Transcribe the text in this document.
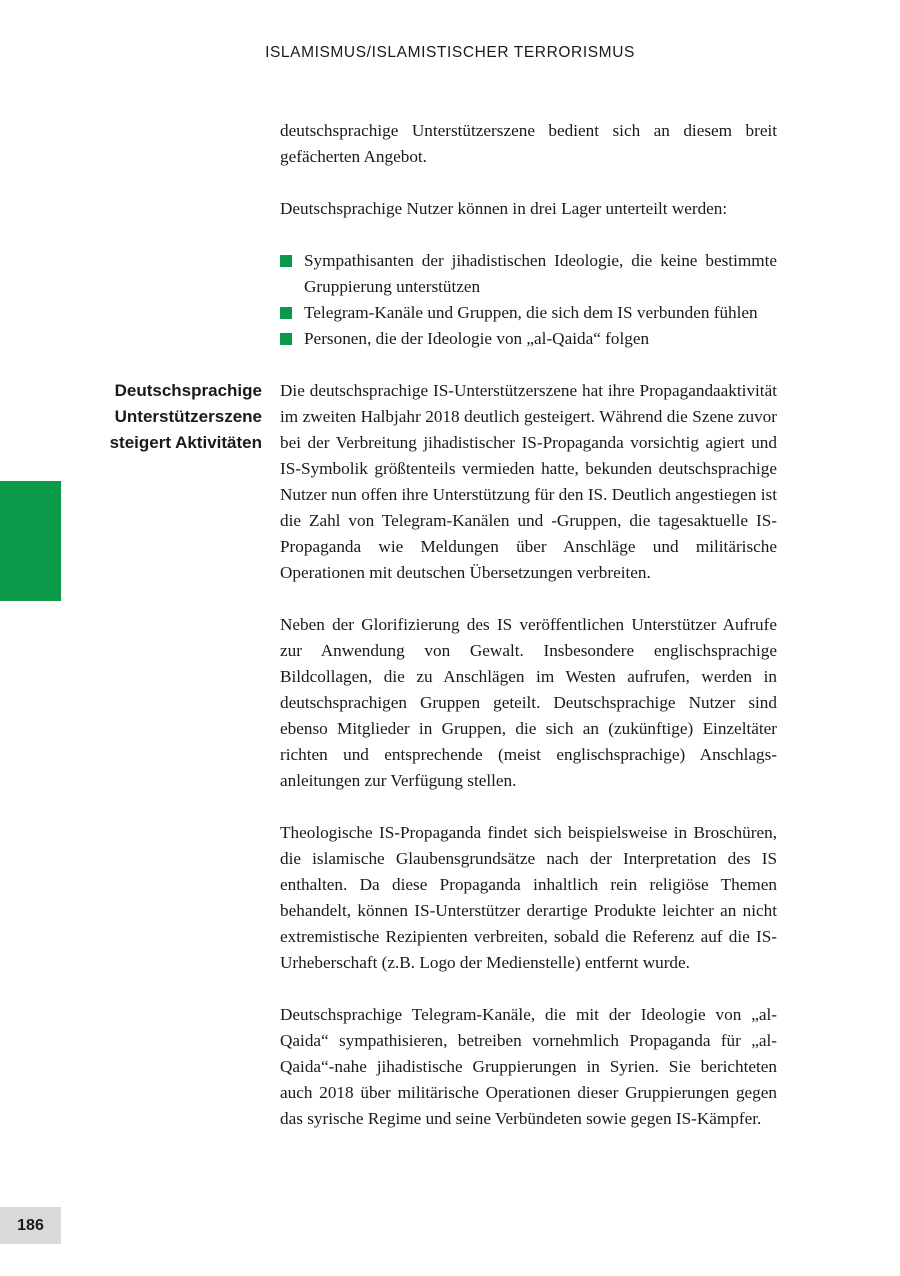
ISLAMISMUS/ISLAMISTISCHER TERRORISMUS
Deutschsprachige
Unterstützerszene
steigert Aktivitäten

deutschsprachige Unterstützerszene bedient sich an diesem breit gefächerten Angebot.

Deutschsprachige Nutzer können in drei Lager unterteilt werden:

Sympathisanten der jihadistischen Ideologie, die keine bestimmte Gruppierung unterstützen
Telegram-Kanäle und Gruppen, die sich dem IS verbunden fühlen
Personen, die der Ideologie von „al-Qaida“ folgen

Die deutschsprachige IS-Unterstützerszene hat ihre Propagandaaktivität im zweiten Halbjahr 2018 deutlich gesteigert. Während die Szene zuvor bei der Verbreitung jihadistischer IS-Propaganda vorsichtig agiert und IS-Symbolik größtenteils vermieden hatte, bekunden deutschsprachige Nutzer nun offen ihre Unterstützung für den IS. Deutlich angestiegen ist die Zahl von Telegram-Kanälen und -Gruppen, die tagesaktuelle IS-Propaganda wie Meldungen über Anschläge und militärische Operationen mit deutschen Übersetzungen verbreiten.

Neben der Glorifizierung des IS veröffentlichen Unterstützer Aufrufe zur Anwendung von Gewalt. Insbesondere englischsprachige Bildcollagen, die zu Anschlägen im Westen aufrufen, werden in deutschsprachigen Gruppen geteilt. Deutschsprachige Nutzer sind ebenso Mitglieder in Gruppen, die sich an (zukünftige) Einzeltäter richten und entsprechende (meist englischsprachige) Anschlagsanleitungen zur Verfügung stellen.

Theologische IS-Propaganda findet sich beispielsweise in Broschüren, die islamische Glaubensgrundsätze nach der Interpretation des IS enthalten. Da diese Propaganda inhaltlich rein religiöse Themen behandelt, können IS-Unterstützer derartige Produkte leichter an nicht extremistische Rezipienten verbreiten, sobald die Referenz auf die IS-Urheberschaft (z.B. Logo der Medienstelle) entfernt wurde.

Deutschsprachige Telegram-Kanäle, die mit der Ideologie von „al-Qaida“ sympathisieren, betreiben vornehmlich Propaganda für „al-Qaida“-nahe jihadistische Gruppierungen in Syrien. Sie berichteten auch 2018 über militärische Operationen dieser Gruppierungen gegen das syrische Regime und seine Verbündeten sowie gegen IS-Kämpfer.

186
